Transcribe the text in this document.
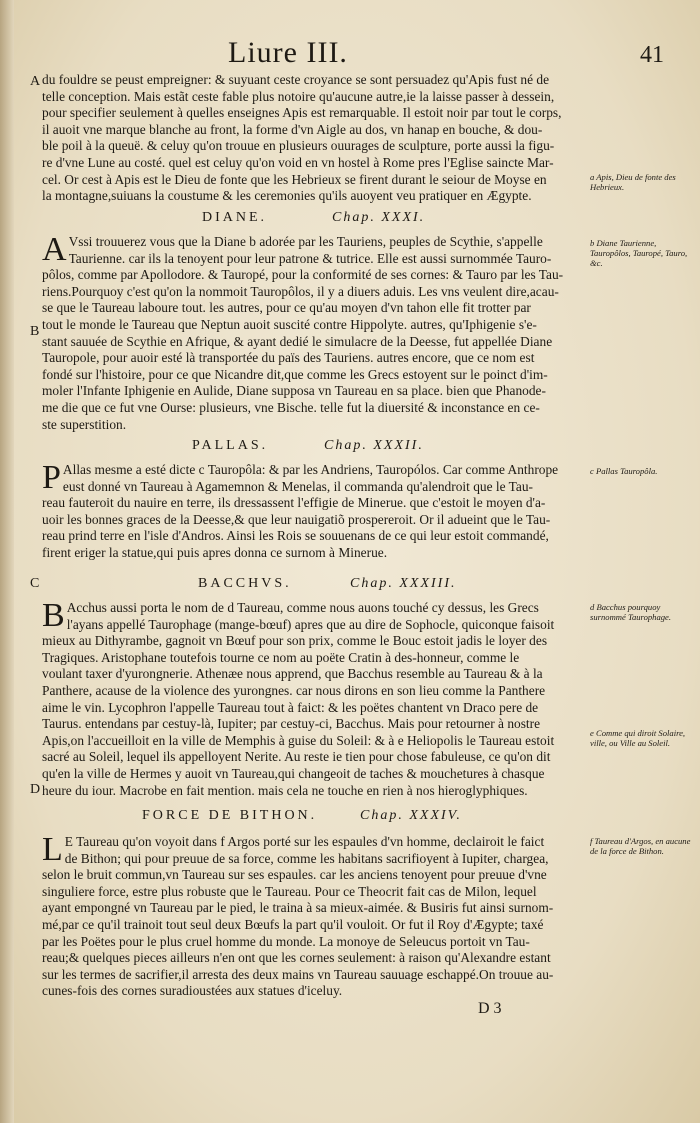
Liure III.	41
A du fouldre se peust empreigner: & suyuant ceste croyance se sont persuadez qu'Apis fust né de
telle conception. Mais estãt ceste fable plus notoire qu'aucune autre,ie la laisse passer à dessein,
pour specifier seulement à quelles enseignes Apis est remarquable. Il estoit noir par tout le corps,
il auoit vne marque blanche au front, la forme d'vn Aigle au dos, vn hanap en bouche, & dou-
ble poil à la queuë. & celuy qu'on trouue en plusieurs ouurages de sculpture, porte aussi la figu-
re d'vne Lune au costé. quel est celuy qu'on void en vn hostel à Rome pres l'Eglise saincte Mar-
cel. Or cest à Apis est le Dieu de fonte que les Hebrieux se firent durant le seiour de Moyse en
la montagne,suiuans la coustume & les ceremonies qu'ils auoyent veu pratiquer en Ægypte.
a Apis, Dieu de fonte des Hebrieux.
DIANE.	Chap. XXXI.
A Vssi trouuerez vous que la Diane b adorée par les Tauriens, peuples de Scythie, s'appelle
Taurienne. car ils la tenoyent pour leur patrone & tutrice. Elle est aussi surnommée Tauro-
pôlos, comme par Apollodore. & Tauropé, pour la conformité de ses cornes: & Tauro par les Tau-
riens.Pourquoy c'est qu'on la nommoit Tauropôlos, il y a diuers aduis. Les vns veulent dire,acau-
se que le Taureau laboure tout. les autres, pour ce qu'au moyen d'vn tahon elle fit trotter par
tout le monde le Taureau que Neptun auoit suscité contre Hippolyte. autres, qu'Iphigenie s'e-
stant sauuée de Scythie en Afrique, & ayant dedié le simulacre de la Deesse, fut appellée Diane
Tauropole, pour auoir esté là transportée du païs des Tauriens. autres encore, que ce nom est
fondé sur l'histoire, pour ce que Nicandre dit,que comme les Grecs estoyent sur le poinct d'im-
moler l'Infante Iphigenie en Aulide, Diane supposa vn Taureau en sa place. bien que Phanode-
me die que ce fut vne Ourse: plusieurs, vne Bische. telle fut la diuersité & inconstance en ce-
ste superstition.
B
b Diane Taurienne, Tauropôlos, Tauropé, Tauro, &c.
PALLAS.	Chap. XXXII.
P Allas mesme a esté dicte c Tauropôla: & par les Andriens, Tauropólos. Car comme Anthrope
eust donné vn Taureau à Agamemnon & Menelas, il commanda qu'alendroit que le Tau-
reau fauteroit du nauire en terre, ils dressassent l'effigie de Minerue. que c'estoit le moyen d'a-
uoir les bonnes graces de la Deesse,& que leur nauigatiõ prospereroit. Or il adueint que le Tau-
reau prind terre en l'isle d'Andros. Ainsi les Rois se souuenans de ce qui leur estoit commandé,
firent eriger la statue,qui puis apres donna ce surnom à Minerue.
c Pallas Tauropôla.
C	BACCHVS.	Chap. XXXIII.
B Acchus aussi porta le nom de d Taureau, comme nous auons touché cy dessus, les Grecs
l'ayans appellé Taurophage (mange-bœuf) apres que au dire de Sophocle, quiconque faisoit
mieux au Dithyrambe, gagnoit vn Bœuf pour son prix, comme le Bouc estoit jadis le loyer des
Tragiques. Aristophane toutefois tourne ce nom au poëte Cratin à des-honneur, comme le
voulant taxer d'yurongnerie. Athenæe nous apprend, que Bacchus resemble au Taureau & à la
Panthere, acause de la violence des yurongnes. car nous dirons en son lieu comme la Panthere
aime le vin. Lycophron l'appelle Taureau tout à faict: & les poëtes chantent vn Draco pere de
Taurus. entendans par cestuy-là, Iupiter; par cestuy-ci, Bacchus. Mais pour retourner à nostre
Apis,on l'accueilloit en la ville de Memphis à guise du Soleil: & à e Heliopolis le Taureau estoit
sacré au Soleil, lequel ils appelloyent Nerite. Au reste ie tien pour chose fabuleuse, ce qu'on dit
qu'en la ville de Hermes y auoit vn Taureau,qui changeoit de taches & mouchetures à chasque
heure du iour. Macrobe en fait mention. mais cela ne touche en rien à nos hieroglyphiques.
D
d Bacchus pourquoy surnommé Taurophage.
e Comme qui diroit Solaire, ville, ou Ville au Soleil.
FORCE DE BITHON.	Chap. XXXIV.
L E Taureau qu'on voyoit dans f Argos porté sur les espaules d'vn homme, declairoit le faict
de Bithon; qui pour preuue de sa force, comme les habitans sacrifioyent à Iupiter, chargea,
selon le bruit commun,vn Taureau sur ses espaules. car les anciens tenoyent pour preuue d'vne
singuliere force, estre plus robuste que le Taureau. Pour ce Theocrit fait cas de Milon, lequel
ayant empongné vn Taureau par le pied, le traina à sa mieux-aimée. & Busiris fut ainsi surnom-
mé,par ce qu'il trainoit tout seul deux Bœufs la part qu'il vouloit. Or fut il Roy d'Ægypte; taxé
par les Poëtes pour le plus cruel homme du monde. La monoye de Seleucus portoit vn Tau-
reau;& quelques pieces ailleurs n'en ont que les cornes seulement: à raison qu'Alexandre estant
sur les termes de sacrifier,il arresta des deux mains vn Taureau sauuage eschappé.On trouue au-
cunes-fois des cornes suradioustées aux statues d'iceluy.
f Taureau d'Argos, en aucune de la force de Bithon.
D 3
